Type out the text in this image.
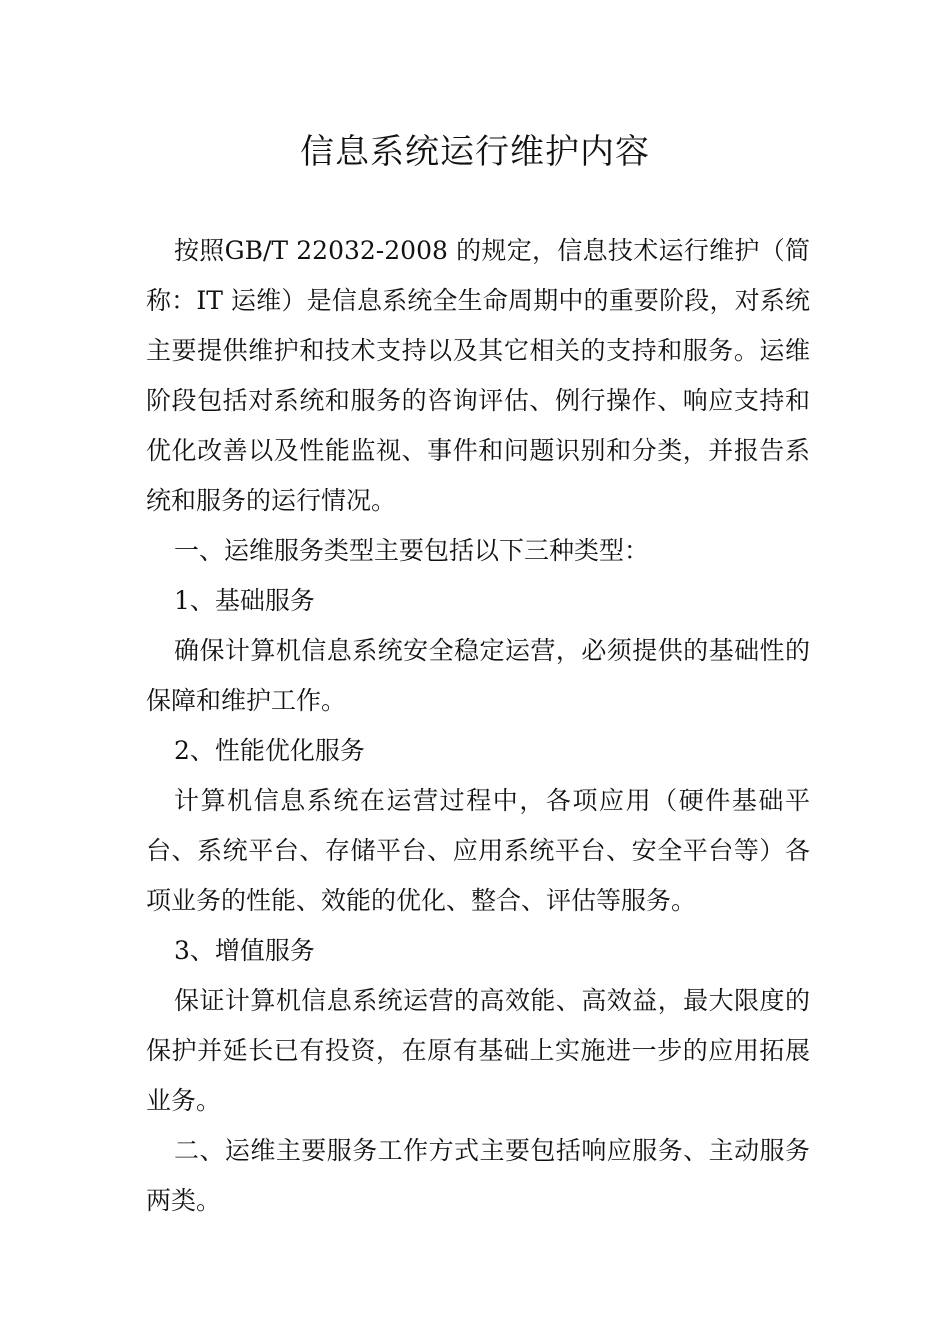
信息系统运行维护内容

按照GB/T 22032-2008 的规定，信息技术运行维护（简称：IT 运维）是信息系统全生命周期中的重要阶段，对系统主要提供维护和技术支持以及其它相关的支持和服务。运维阶段包括对系统和服务的咨询评估、例行操作、响应支持和优化改善以及性能监视、事件和问题识别和分类，并报告系统和服务的运行情况。

一、运维服务类型主要包括以下三种类型：

1、基础服务

确保计算机信息系统安全稳定运营，必须提供的基础性的保障和维护工作。

2、性能优化服务

计算机信息系统在运营过程中，各项应用（硬件基础平台、系统平台、存储平台、应用系统平台、安全平台等）各项业务的性能、效能的优化、整合、评估等服务。

3、增值服务

保证计算机信息系统运营的高效能、高效益，最大限度的保护并延长已有投资，在原有基础上实施进一步的应用拓展业务。

二、运维主要服务工作方式主要包括响应服务、主动服务两类。
